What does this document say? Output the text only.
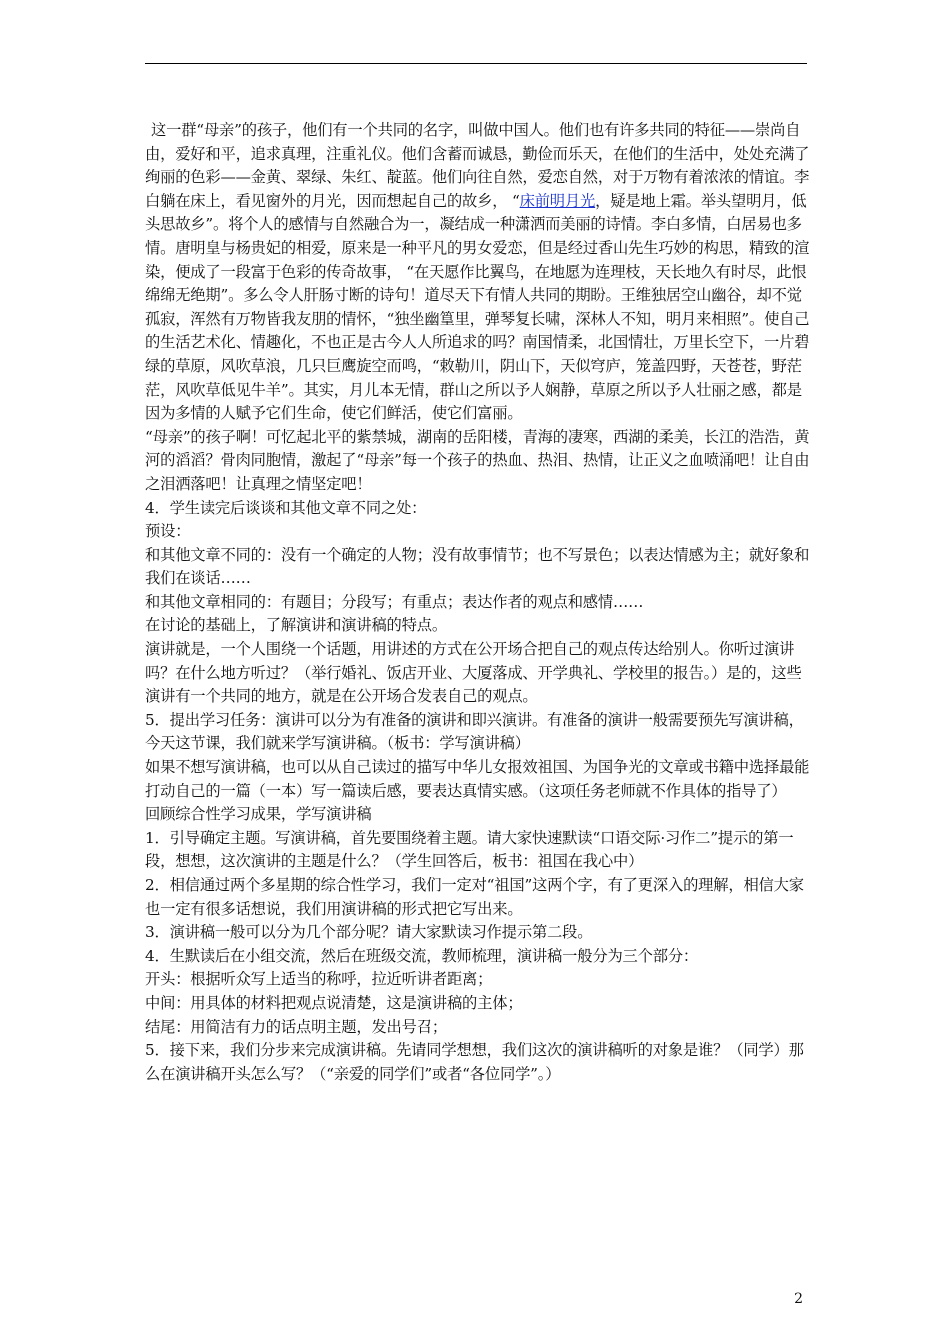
这一群“母亲”的孩子，他们有一个共同的名字，叫做中国人。他们也有许多共同的特征——崇尚自由，爱好和平，追求真理，注重礼仪。他们含蓄而诚恳，勤俭而乐天，在他们的生活中，处处充满了绚丽的色彩——金黄、翠绿、朱红、靛蓝。他们向往自然，爱恋自然，对于万物有着浓浓的情谊。李白躺在床上，看见窗外的月光，因而想起自己的故乡， “床前明月光，疑是地上霜。举头望明月，低头思故乡”。将个人的感情与自然融合为一，凝结成一种潇洒而美丽的诗情。李白多情，白居易也多情。唐明皇与杨贵妃的相爱，原来是一种平凡的男女爱恋，但是经过香山先生巧妙的构思，精致的渲染，便成了一段富于色彩的传奇故事， “在天愿作比翼鸟，在地愿为连理枝，天长地久有时尽，此恨绵绵无绝期”。多么令人肝肠寸断的诗句！道尽天下有情人共同的期盼。王维独居空山幽谷，却不觉孤寂，浑然有万物皆我友朋的情怀，“独坐幽篁里，弹琴复长啸，深林人不知，明月来相照”。使自己的生活艺术化、情趣化，不也正是古今人人所追求的吗？南国情柔，北国情壮，万里长空下，一片碧绿的草原，风吹草浪，几只巨鹰旋空而鸣，“敕勒川，阴山下，天似穹庐，笼盖四野，天苍苍，野茫茫，风吹草低见牛羊”。其实，月儿本无情，群山之所以予人娴静，草原之所以予人壮丽之感，都是因为多情的人赋予它们生命，使它们鲜活，使它们富丽。

“母亲”的孩子啊！可忆起北平的紫禁城，湖南的岳阳楼，青海的凄寒，西湖的柔美，长江的浩浩，黄河的滔滔？骨肉同胞情，激起了“母亲”每一个孩子的热血、热泪、热情，让正义之血喷涌吧！让自由之泪洒落吧！让真理之情坚定吧！

4．学生读完后谈谈和其他文章不同之处：

预设：

和其他文章不同的：没有一个确定的人物；没有故事情节；也不写景色；以表达情感为主；就好象和我们在谈话……

和其他文章相同的：有题目；分段写；有重点；表达作者的观点和感情……

在讨论的基础上，了解演讲和演讲稿的特点。

演讲就是，一个人围绕一个话题，用讲述的方式在公开场合把自己的观点传达给别人。你听过演讲吗？在什么地方听过？（举行婚礼、饭店开业、大厦落成、开学典礼、学校里的报告。）是的，这些演讲有一个共同的地方，就是在公开场合发表自己的观点。

5．提出学习任务：演讲可以分为有准备的演讲和即兴演讲。有准备的演讲一般需要预先写演讲稿，今天这节课，我们就来学写演讲稿。（板书：学写演讲稿）

如果不想写演讲稿，也可以从自己读过的描写中华儿女报效祖国、为国争光的文章或书籍中选择最能打动自己的一篇（一本）写一篇读后感，要表达真情实感。（这项任务老师就不作具体的指导了）

回顾综合性学习成果，学写演讲稿

1．引导确定主题。写演讲稿，首先要围绕着主题。请大家快速默读“口语交际·习作二”提示的第一段，想想，这次演讲的主题是什么？（学生回答后，板书：祖国在我心中）

2．相信通过两个多星期的综合性学习，我们一定对“祖国”这两个字，有了更深入的理解，相信大家也一定有很多话想说，我们用演讲稿的形式把它写出来。

3．演讲稿一般可以分为几个部分呢？请大家默读习作提示第二段。

4．生默读后在小组交流，然后在班级交流，教师梳理，演讲稿一般分为三个部分：

开头：根据听众写上适当的称呼，拉近听讲者距离；

中间：用具体的材料把观点说清楚，这是演讲稿的主体；

结尾：用简洁有力的话点明主题，发出号召；

5．接下来，我们分步来完成演讲稿。先请同学想想，我们这次的演讲稿听的对象是谁？（同学）那么在演讲稿开头怎么写？（“亲爱的同学们”或者“各位同学”。）

2
